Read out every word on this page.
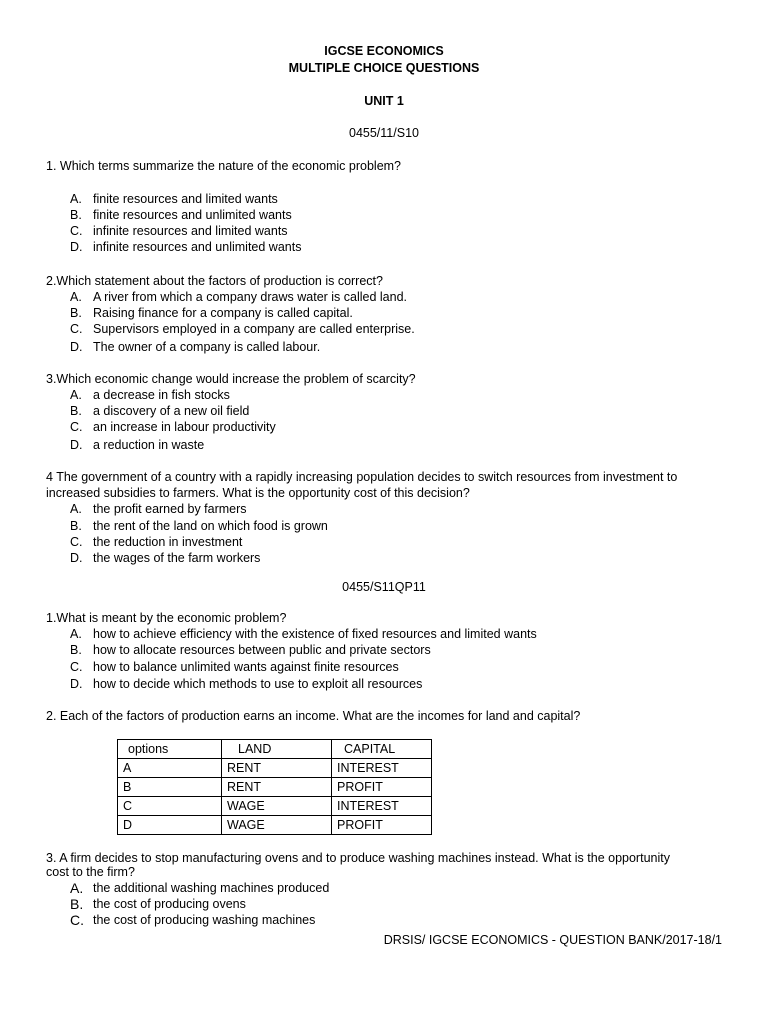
IGCSE ECONOMICS
MULTIPLE CHOICE QUESTIONS
UNIT 1
0455/11/S10
1. Which terms summarize the nature of the economic problem?
A. finite resources and limited wants
B. finite resources and unlimited wants
C. infinite resources and limited wants
D. infinite resources and unlimited wants
2.Which statement about the factors of production is correct?
A. A river from which a company draws water is called land.
B. Raising finance for a company is called capital.
C. Supervisors employed in a company are called enterprise.
D. The owner of a company is called labour.
3.Which economic change would increase the problem of scarcity?
A. a decrease in fish stocks
B. a discovery of a new oil field
C. an increase in labour productivity
D. a reduction in waste
4 The government of a country with a rapidly increasing population decides to switch resources from investment to
increased subsidies to farmers. What is the opportunity cost of this decision?
A. the profit earned by farmers
B. the rent of the land on which food is grown
C. the reduction in investment
D. the wages of the farm workers
0455/S11QP11
1.What is meant by the economic problem?
A. how to achieve efficiency with the existence of fixed resources and limited wants
B. how to allocate resources between public and private sectors
C. how to balance unlimited wants against finite resources
D. how to decide which methods to use to exploit all resources
2. Each of the factors of production earns an income. What are the incomes for land and capital?
options	LAND	CAPITAL
A	RENT	INTEREST
B	RENT	PROFIT
C	WAGE	INTEREST
D	WAGE	PROFIT
3. A firm decides to stop manufacturing ovens and to produce washing machines instead. What is the opportunity
cost to the firm?
A. the additional washing machines produced
B. the cost of producing ovens
C. the cost of producing washing machines
DRSIS/ IGCSE ECONOMICS - QUESTION BANK/2017-18/1
